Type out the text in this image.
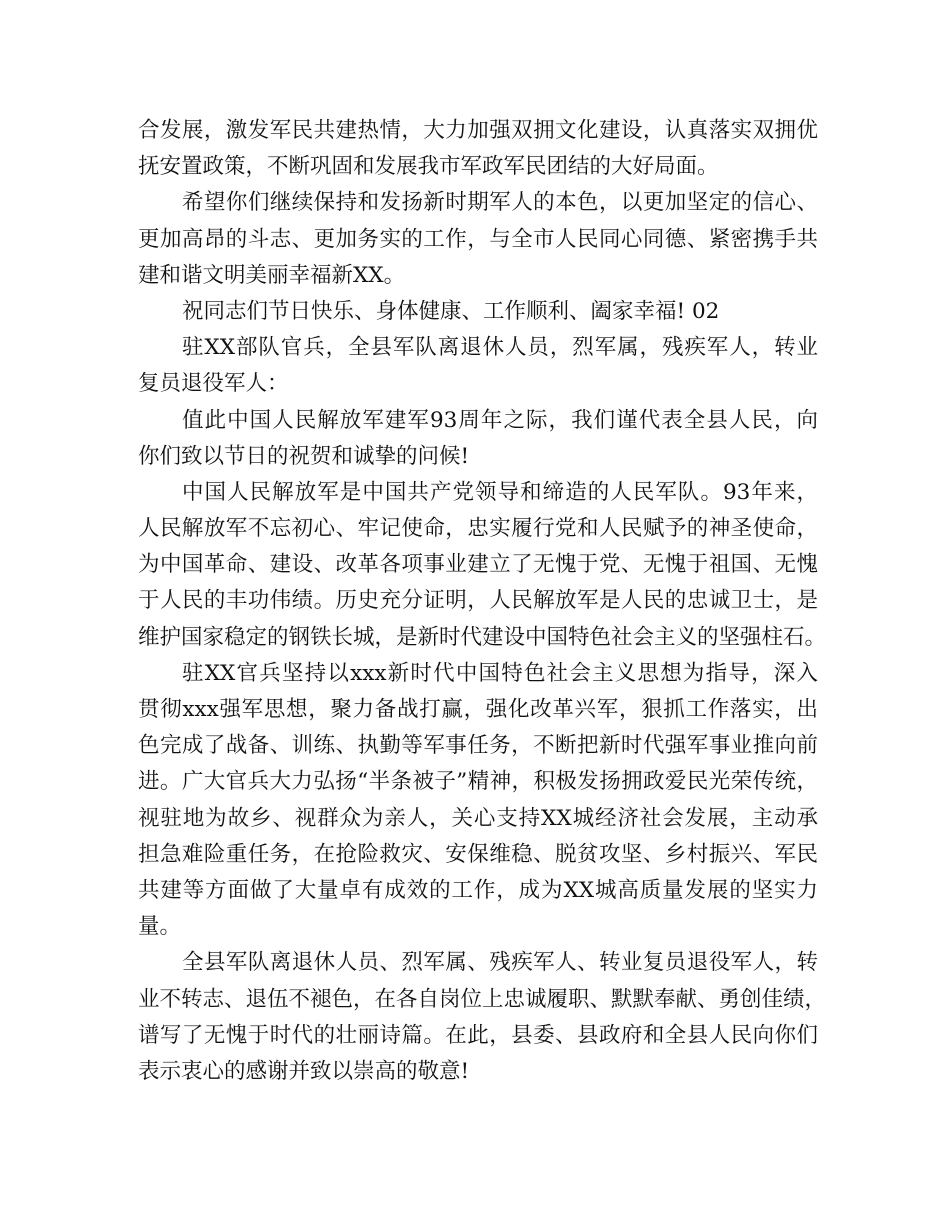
合发展，激发军民共建热情，大力加强双拥文化建设，认真落实双拥优
抚安置政策，不断巩固和发展我市军政军民团结的大好局面。
希望你们继续保持和发扬新时期军人的本色，以更加坚定的信心、
更加高昂的斗志、更加务实的工作，与全市人民同心同德、紧密携手共
建和谐文明美丽幸福新XX。
祝同志们节日快乐、身体健康、工作顺利、阖家幸福! 02
驻XX部队官兵，全县军队离退休人员，烈军属，残疾军人，转业
复员退役军人：
值此中国人民解放军建军93周年之际，我们谨代表全县人民，向
你们致以节日的祝贺和诚挚的问候!
中国人民解放军是中国共产党领导和缔造的人民军队。93年来，
人民解放军不忘初心、牢记使命，忠实履行党和人民赋予的神圣使命，
为中国革命、建设、改革各项事业建立了无愧于党、无愧于祖国、无愧
于人民的丰功伟绩。历史充分证明，人民解放军是人民的忠诚卫士，是
维护国家稳定的钢铁长城，是新时代建设中国特色社会主义的坚强柱石。
驻XX官兵坚持以xxx新时代中国特色社会主义思想为指导，深入
贯彻xxx强军思想，聚力备战打赢，强化改革兴军，狠抓工作落实，出
色完成了战备、训练、执勤等军事任务，不断把新时代强军事业推向前
进。广大官兵大力弘扬“半条被子”精神，积极发扬拥政爱民光荣传统，
视驻地为故乡、视群众为亲人，关心支持XX城经济社会发展，主动承
担急难险重任务，在抢险救灾、安保维稳、脱贫攻坚、乡村振兴、军民
共建等方面做了大量卓有成效的工作，成为XX城高质量发展的坚实力
量。
全县军队离退休人员、烈军属、残疾军人、转业复员退役军人，转
业不转志、退伍不褪色，在各自岗位上忠诚履职、默默奉献、勇创佳绩，
谱写了无愧于时代的壮丽诗篇。在此，县委、县政府和全县人民向你们
表示衷心的感谢并致以崇高的敬意!
